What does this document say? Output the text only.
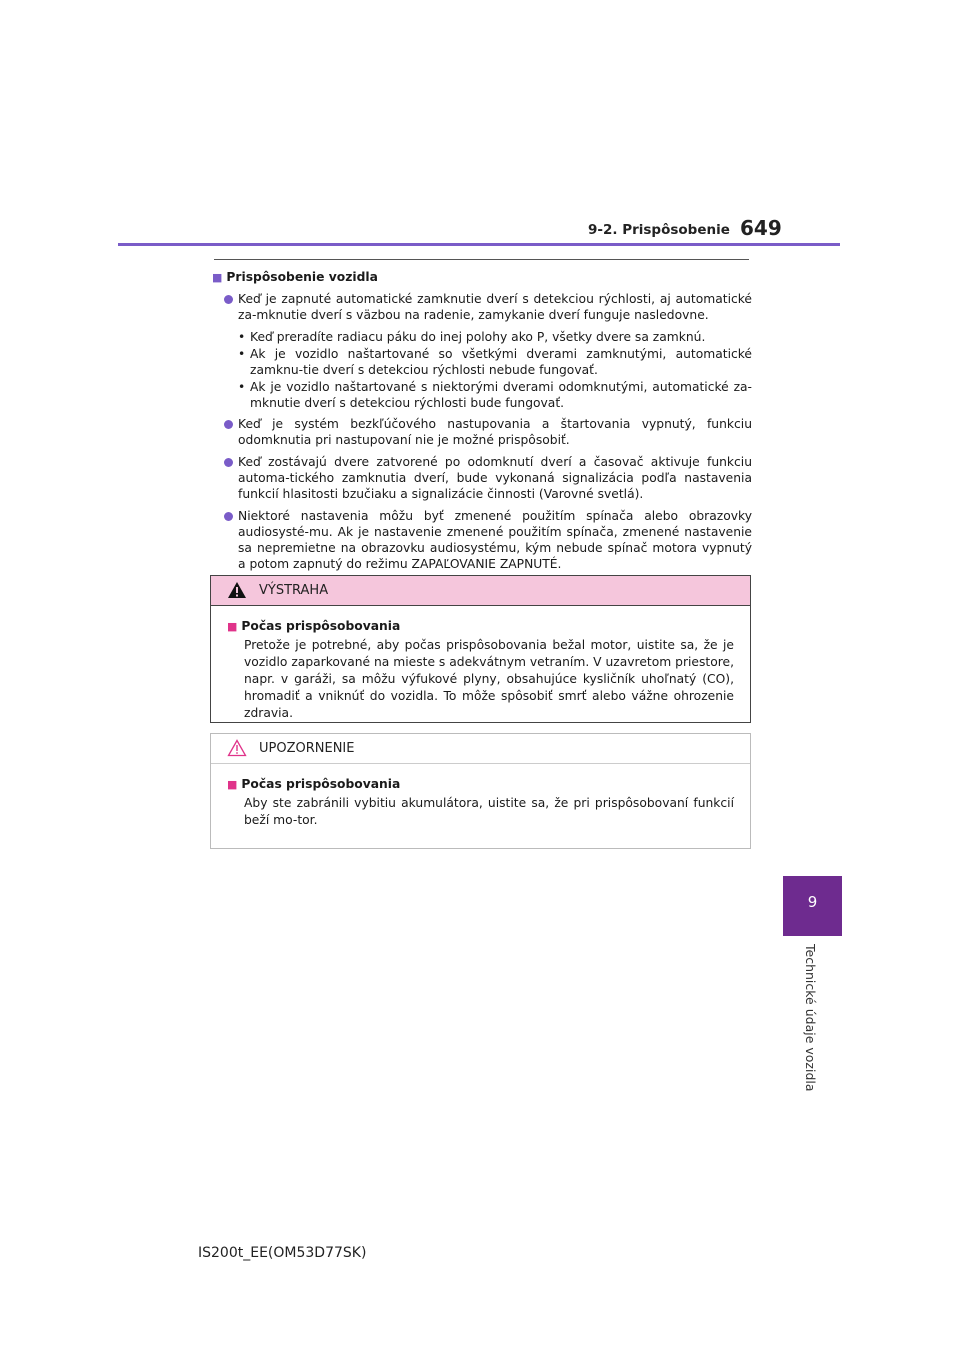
9-2. Prispôsobenie 649
9
Technické údaje vozidla
■ Prispôsobenie vozidla
Keď je zapnuté automatické zamknutie dverí s detekciou rýchlosti, aj automatické za-mknutie dverí s väzbou na radenie, zamykanie dverí funguje nasledovne.
• Keď preradíte radiacu páku do inej polohy ako P, všetky dvere sa zamknú.
• Ak je vozidlo naštartované so všetkými dverami zamknutými, automatické zamknu-tie dverí s detekciou rýchlosti nebude fungovať.
• Ak je vozidlo naštartované s niektorými dverami odomknutými, automatické za-mknutie dverí s detekciou rýchlosti bude fungovať.
Keď je systém bezkľúčového nastupovania a štartovania vypnutý, funkciu odomknutia pri nastupovaní nie je možné prispôsobiť.
Keď zostávajú dvere zatvorené po odomknutí dverí a časovač aktivuje funkciu automa-tického zamknutia dverí, bude vykonaná signalizácia podľa nastavenia funkcií hlasitosti bzučiaku a signalizácie činnosti (Varovné svetlá).
Niektoré nastavenia môžu byť zmenené použitím spínača alebo obrazovky audiosysté-mu. Ak je nastavenie zmenené použitím spínača, zmenené nastavenie sa nepremietne na obrazovku audiosystému, kým nebude spínač motora vypnutý a potom zapnutý do režimu ZAPAĽOVANIE ZAPNUTÉ.
VÝSTRAHA
■ Počas prispôsobovania
Pretože je potrebné, aby počas prispôsobovania bežal motor, uistite sa, že je vozidlo zaparkované na mieste s adekvátnym vetraním. V uzavretom priestore, napr. v garáži, sa môžu výfukové plyny, obsahujúce kysličník uhoľnatý (CO), hromadiť a vniknúť do vozidla. To môže spôsobiť smrť alebo vážne ohrozenie zdravia.
UPOZORNENIE
■ Počas prispôsobovania
Aby ste zabránili vybitiu akumulátora, uistite sa, že pri prispôsobovaní funkcií beží mo-tor.
IS200t_EE(OM53D77SK)
